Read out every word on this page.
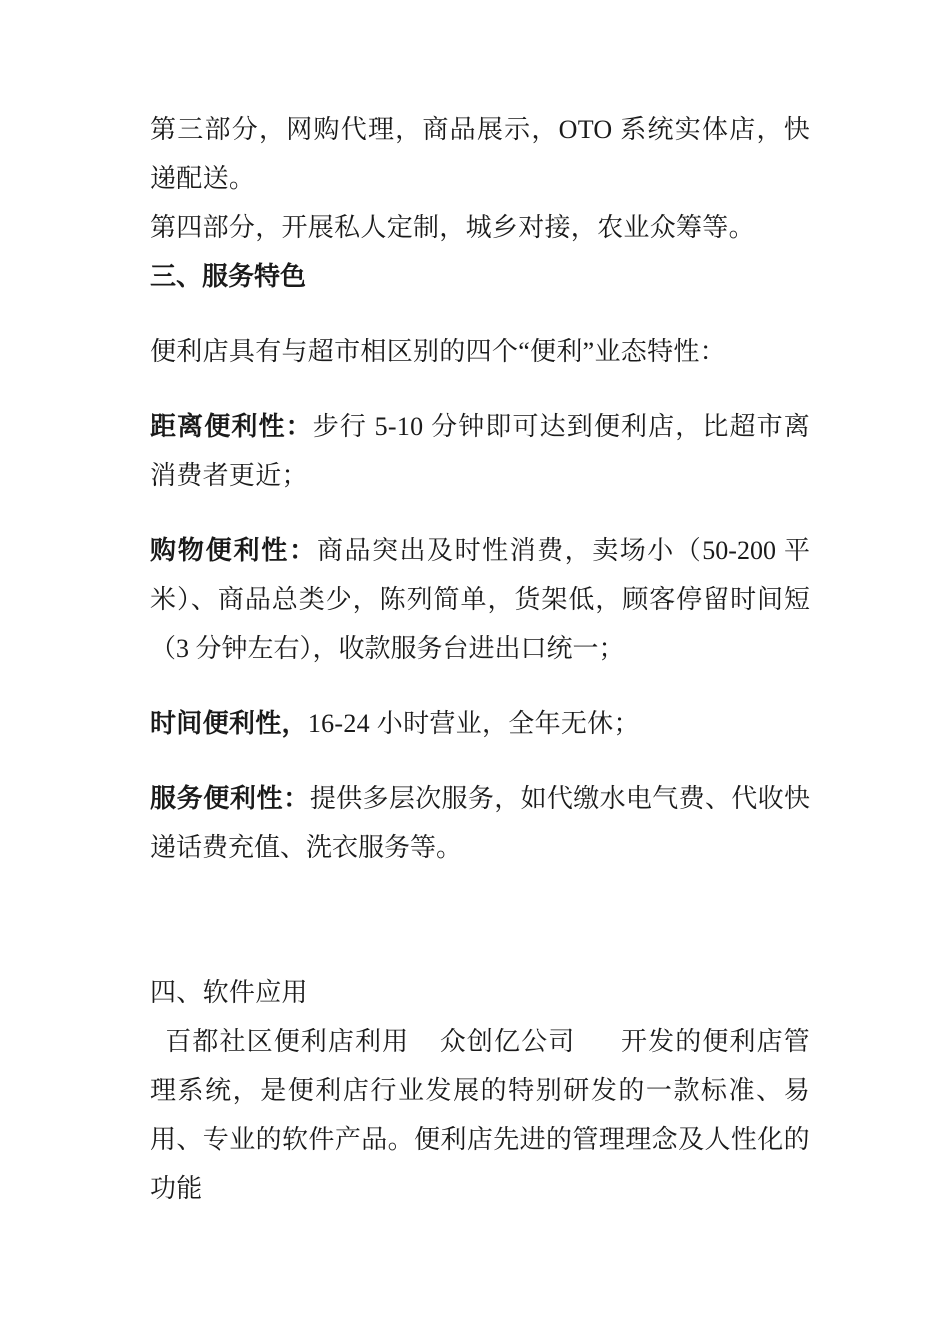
第三部分，网购代理，商品展示，OTO 系统实体店，快递配送。

第四部分，开展私人定制，城乡对接，农业众筹等。

三、服务特色

便利店具有与超市相区别的四个“便利”业态特性：

距离便利性：步行 5-10 分钟即可达到便利店，比超市离消费者更近；

购物便利性：商品突出及时性消费，卖场小（50-200 平米）、商品总类少，陈列简单，货架低，顾客停留时间短（3 分钟左右），收款服务台进出口统一；

时间便利性，16-24 小时营业，全年无休；

服务便利性：提供多层次服务，如代缴水电气费、代收快递话费充值、洗衣服务等。

四、软件应用

百都社区便利店利用    众创亿公司      开发的便利店管理系统，是便利店行业发展的特别研发的一款标准、易用、专业的软件产品。便利店先进的管理理念及人性化的功能
